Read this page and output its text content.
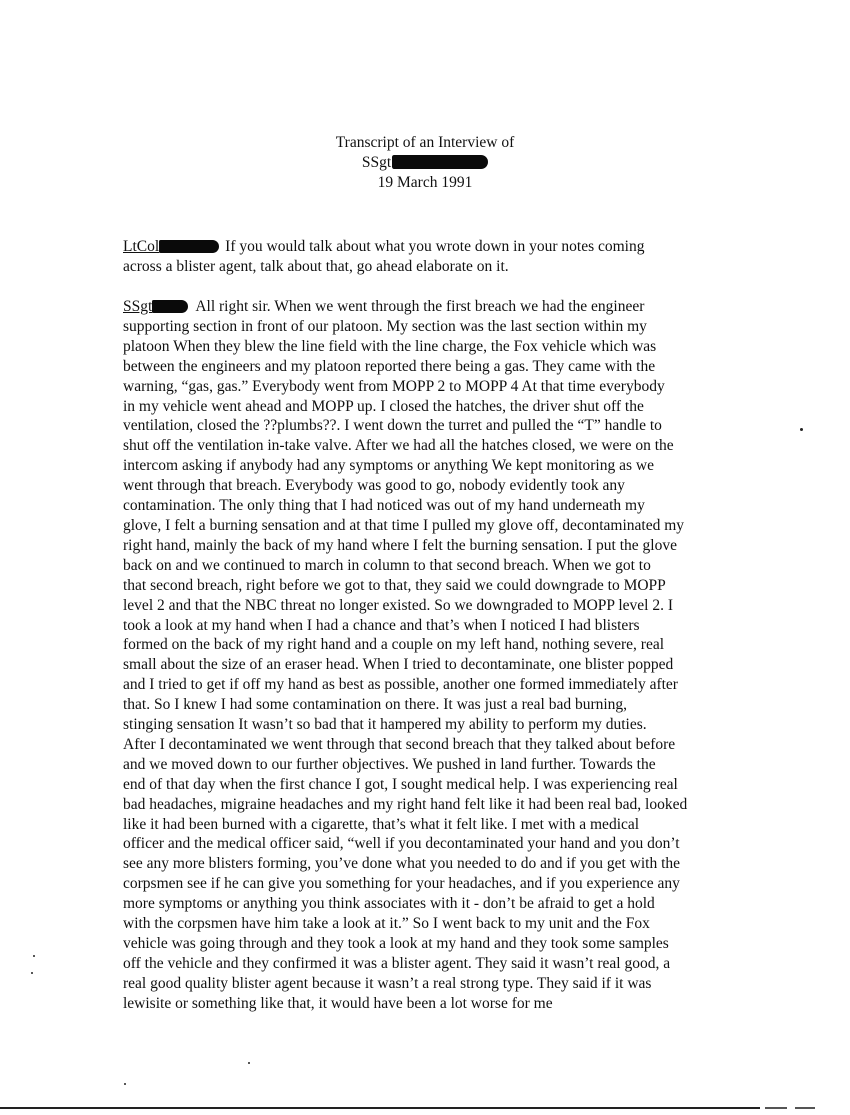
Transcript of an Interview of
SSgt
19 March 1991
LtCol	If you would talk about what you wrote down in your notes coming
across a blister agent, talk about that, go ahead elaborate on it.
SSgt	All right sir. When we went through the first breach we had the engineer
supporting section in front of our platoon. My section was the last section within my
platoon When they blew the line field with the line charge, the Fox vehicle which was
between the engineers and my platoon reported there being a gas. They came with the
warning, “gas, gas.” Everybody went from MOPP 2 to MOPP 4 At that time everybody
in my vehicle went ahead and MOPP up. I closed the hatches, the driver shut off the
ventilation, closed the ??plumbs??. I went down the turret and pulled the “T” handle to
shut off the ventilation in-take valve. After we had all the hatches closed, we were on the
intercom asking if anybody had any symptoms or anything We kept monitoring as we
went through that breach. Everybody was good to go, nobody evidently took any
contamination. The only thing that I had noticed was out of my hand underneath my
glove, I felt a burning sensation and at that time I pulled my glove off, decontaminated my
right hand, mainly the back of my hand where I felt the burning sensation. I put the glove
back on and we continued to march in column to that second breach. When we got to
that second breach, right before we got to that, they said we could downgrade to MOPP
level 2 and that the NBC threat no longer existed. So we downgraded to MOPP level 2. I
took a look at my hand when I had a chance and that’s when I noticed I had blisters
formed on the back of my right hand and a couple on my left hand, nothing severe, real
small about the size of an eraser head. When I tried to decontaminate, one blister popped
and I tried to get if off my hand as best as possible, another one formed immediately after
that. So I knew I had some contamination on there. It was just a real bad burning,
stinging sensation It wasn’t so bad that it hampered my ability to perform my duties.
After I decontaminated we went through that second breach that they talked about before
and we moved down to our further objectives. We pushed in land further. Towards the
end of that day when the first chance I got, I sought medical help. I was experiencing real
bad headaches, migraine headaches and my right hand felt like it had been real bad, looked
like it had been burned with a cigarette, that’s what it felt like. I met with a medical
officer and the medical officer said, “well if you decontaminated your hand and you don’t
see any more blisters forming, you’ve done what you needed to do and if you get with the
corpsmen see if he can give you something for your headaches, and if you experience any
more symptoms or anything you think associates with it - don’t be afraid to get a hold
with the corpsmen have him take a look at it.” So I went back to my unit and the Fox
vehicle was going through and they took a look at my hand and they took some samples
off the vehicle and they confirmed it was a blister agent. They said it wasn’t real good, a
real good quality blister agent because it wasn’t a real strong type. They said if it was
lewisite or something like that, it would have been a lot worse for me
